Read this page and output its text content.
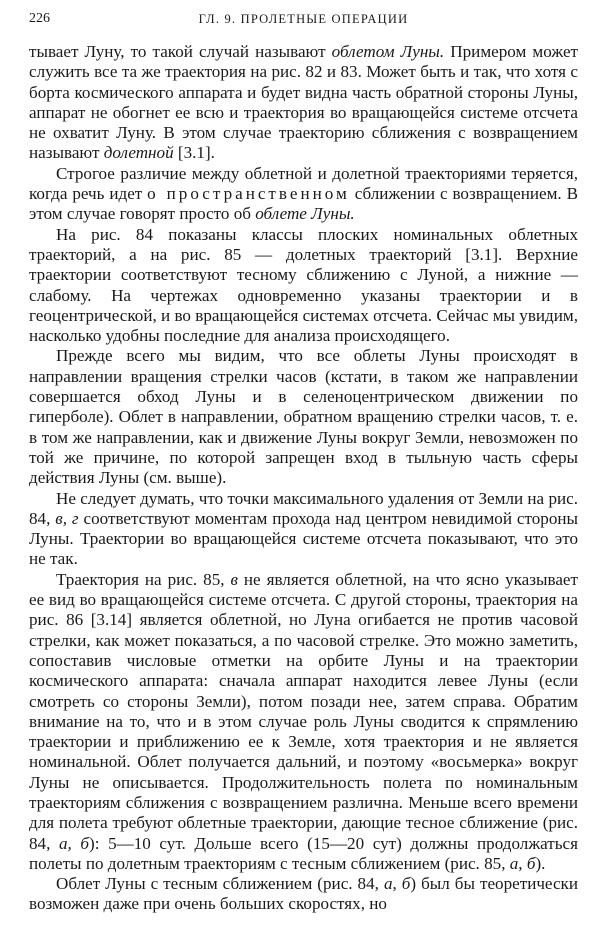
226	ГЛ. 9. ПРОЛЕТНЫЕ ОПЕРАЦИИ

тывает Луну, то такой случай называют облетом Луны. Примером может служить все та же траектория на рис. 82 и 83. Может быть и так, что хотя с борта космического аппарата и будет видна часть обратной стороны Луны, аппарат не обогнет ее всю и траектория во вращающейся системе отсчета не охватит Луну. В этом случае траекторию сближения с возвращением называют долетной [3.1].

Строгое различие между облетной и долетной траекториями теряется, когда речь идет о пространственном сближении с возвращением. В этом случае говорят просто об облете Луны.

На рис. 84 показаны классы плоских номинальных облетных траекторий, а на рис. 85 — долетных траекторий [3.1]. Верхние траектории соответствуют тесному сближению с Луной, а нижние — слабому. На чертежах одновременно указаны траектории и в геоцентрической, и во вращающейся системах отсчета. Сейчас мы увидим, насколько удобны последние для анализа происходящего.

Прежде всего мы видим, что все облеты Луны происходят в направлении вращения стрелки часов (кстати, в таком же направлении совершается обход Луны и в селеноцентрическом движении по гиперболе). Облет в направлении, обратном вращению стрелки часов, т. е. в том же направлении, как и движение Луны вокруг Земли, невозможен по той же причине, по которой запрещен вход в тыльную часть сферы действия Луны (см. выше).

Не следует думать, что точки максимального удаления от Земли на рис. 84, в, г соответствуют моментам прохода над центром невидимой стороны Луны. Траектории во вращающейся системе отсчета показывают, что это не так.

Траектория на рис. 85, в не является облетной, на что ясно указывает ее вид во вращающейся системе отсчета. С другой стороны, траектория на рис. 86 [3.14] является облетной, но Луна огибается не против часовой стрелки, как может показаться, а по часовой стрелке. Это можно заметить, сопоставив числовые отметки на орбите Луны и на траектории космического аппарата: сначала аппарат находится левее Луны (если смотреть со стороны Земли), потом позади нее, затем справа. Обратим внимание на то, что и в этом случае роль Луны сводится к спрямлению траектории и приближению ее к Земле, хотя траектория и не является номинальной. Облет получается дальний, и поэтому «восьмерка» вокруг Луны не описывается. Продолжительность полета по номинальным траекториям сближения с возвращением различна. Меньше всего времени для полета требуют облетные траектории, дающие тесное сближение (рис. 84, а, б): 5—10 сут. Дольше всего (15—20 сут) должны продолжаться полеты по долетным траекториям с тесным сближением (рис. 85, а, б).

Облет Луны с тесным сближением (рис. 84, а, б) был бы теоретически возможен даже при очень больших скоростях, но
